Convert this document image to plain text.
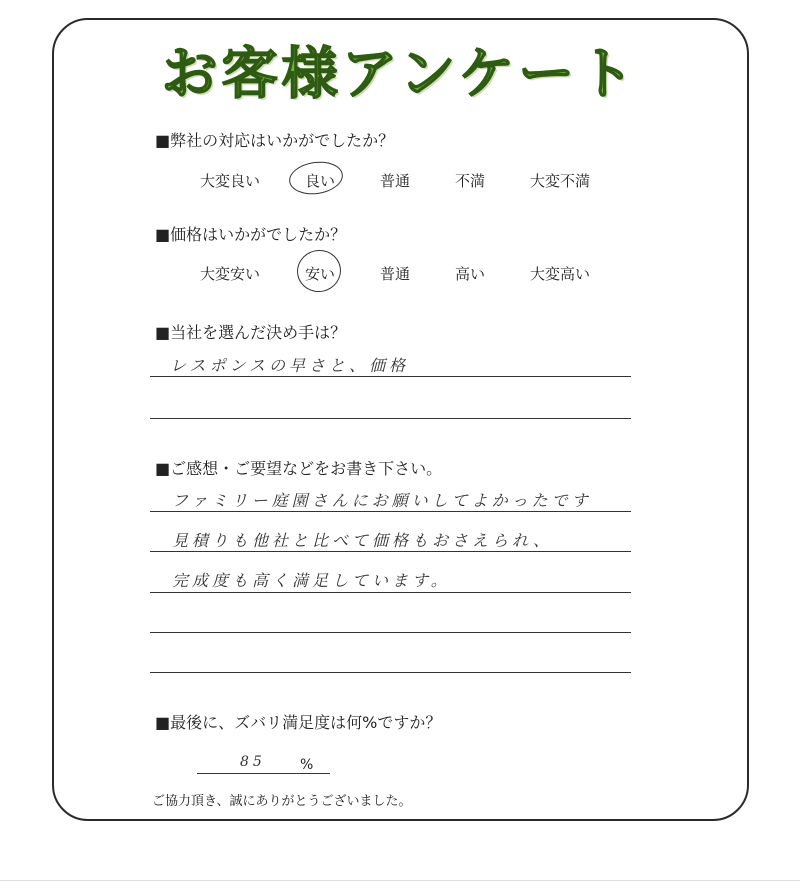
お客様アンケート
■弊社の対応はいかがでしたか？
大変良い	良い	普通	不満	大変不満
■価格はいかがでしたか？
大変安い	安い	普通	高い	大変高い
■当社を選んだ決め手は？
レスポンスの早さと、価格
■ご感想・ご要望などをお書き下さい。
ファミリー庭園さんにお願いしてよかったです
見積りも他社と比べて価格もおさえられ、
完成度も高く満足しています。
■最後に、ズバリ満足度は何%ですか？
85 %
ご協力頂き、誠にありがとうございました。
